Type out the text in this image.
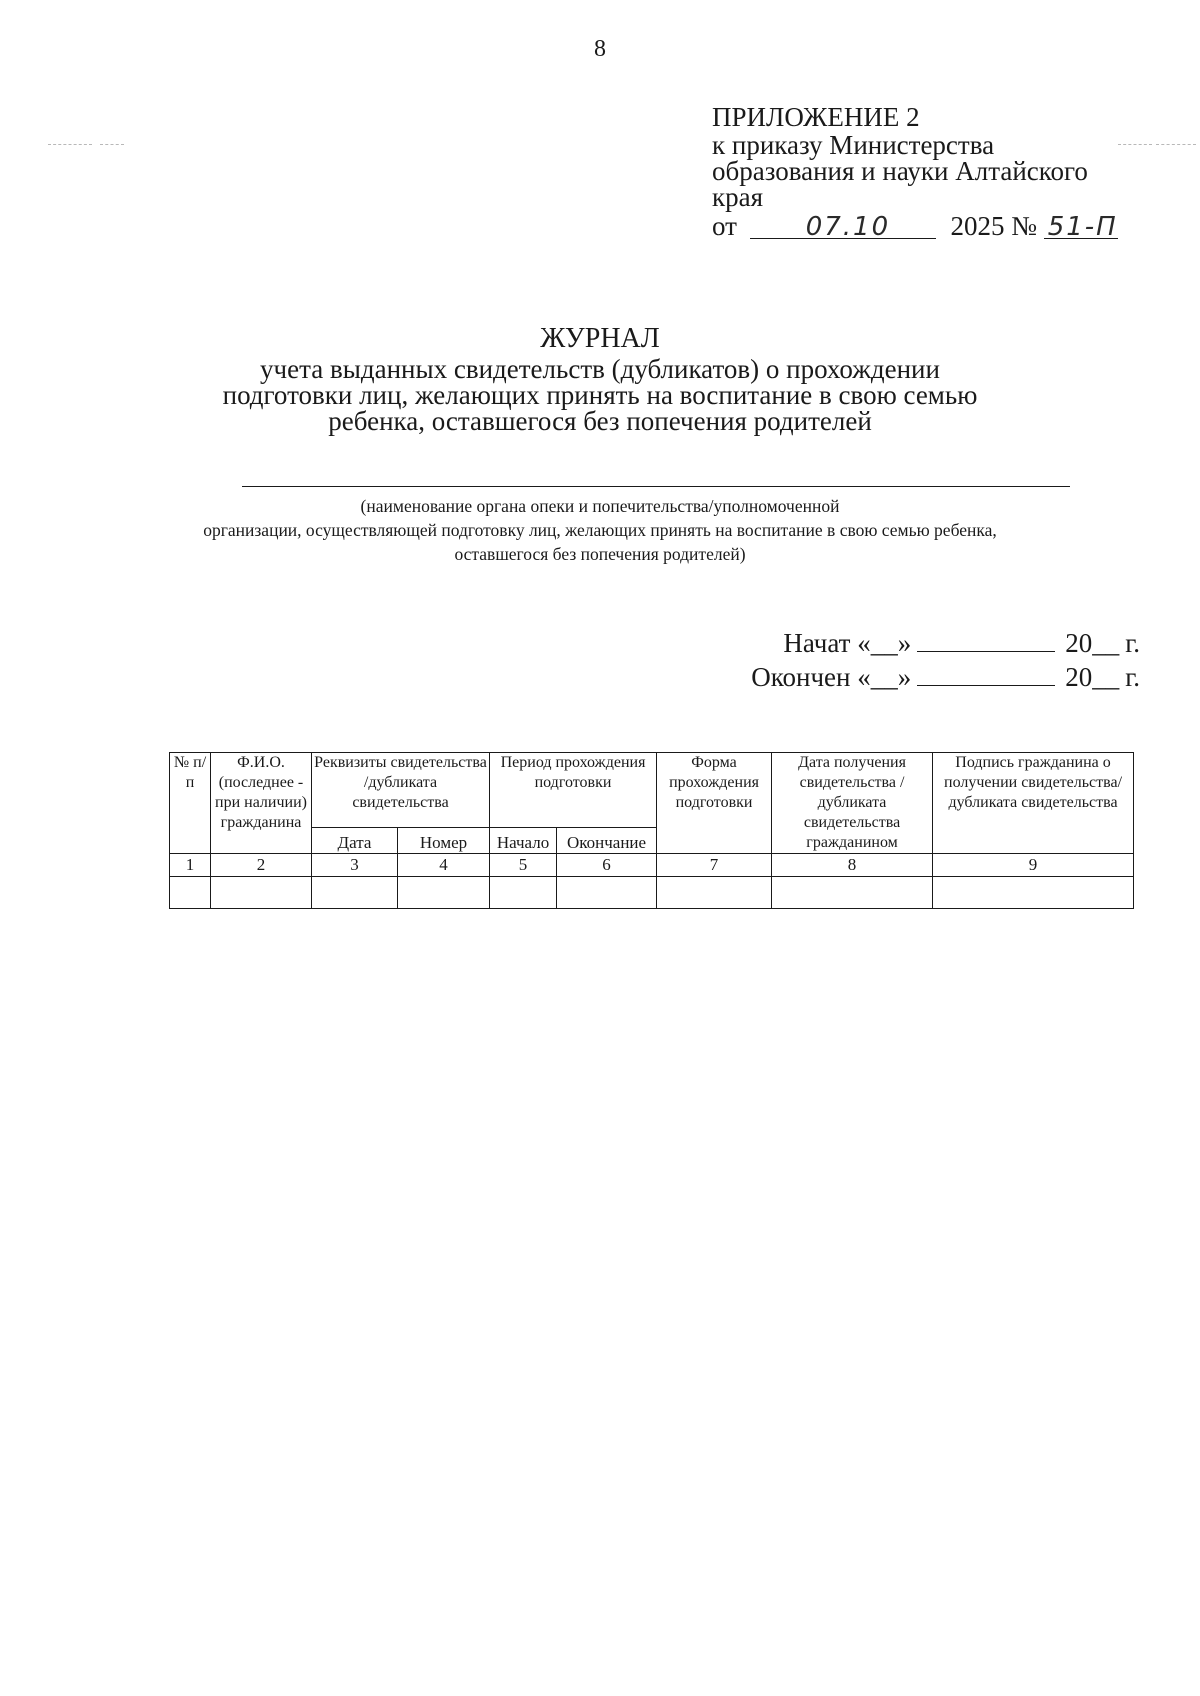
8
ПРИЛОЖЕНИЕ 2
к приказу Министерства
образования и науки Алтайского
края
от	07.10 2025 № 51-П
ЖУРНАЛ
учета выданных свидетельств (дубликатов) о прохождении
подготовки лиц, желающих принять на воспитание в свою семью
ребенка, оставшегося без попечения родителей
(наименование органа опеки и попечительства/уполномоченной
организации, осуществляющей подготовку лиц, желающих принять на воспитание в свою семью ребенка,
оставшегося без попечения родителей)
Начат «__»	20__ г.
Окончен «__»	20__ г.
№ п/п	Ф.И.О. (последнее - при наличии) гражданина	Реквизиты свидетельства /дубликата свидетельства		Период прохождения подготовки		Форма прохождения подготовки	Дата получения свидетельства / дубликата свидетельства гражданином	Подпись гражданина о получении свидетельства/ дубликата свидетельства
		Дата	Номер	Начало	Окончание			
1	2	3	4	5	6	7	8	9
